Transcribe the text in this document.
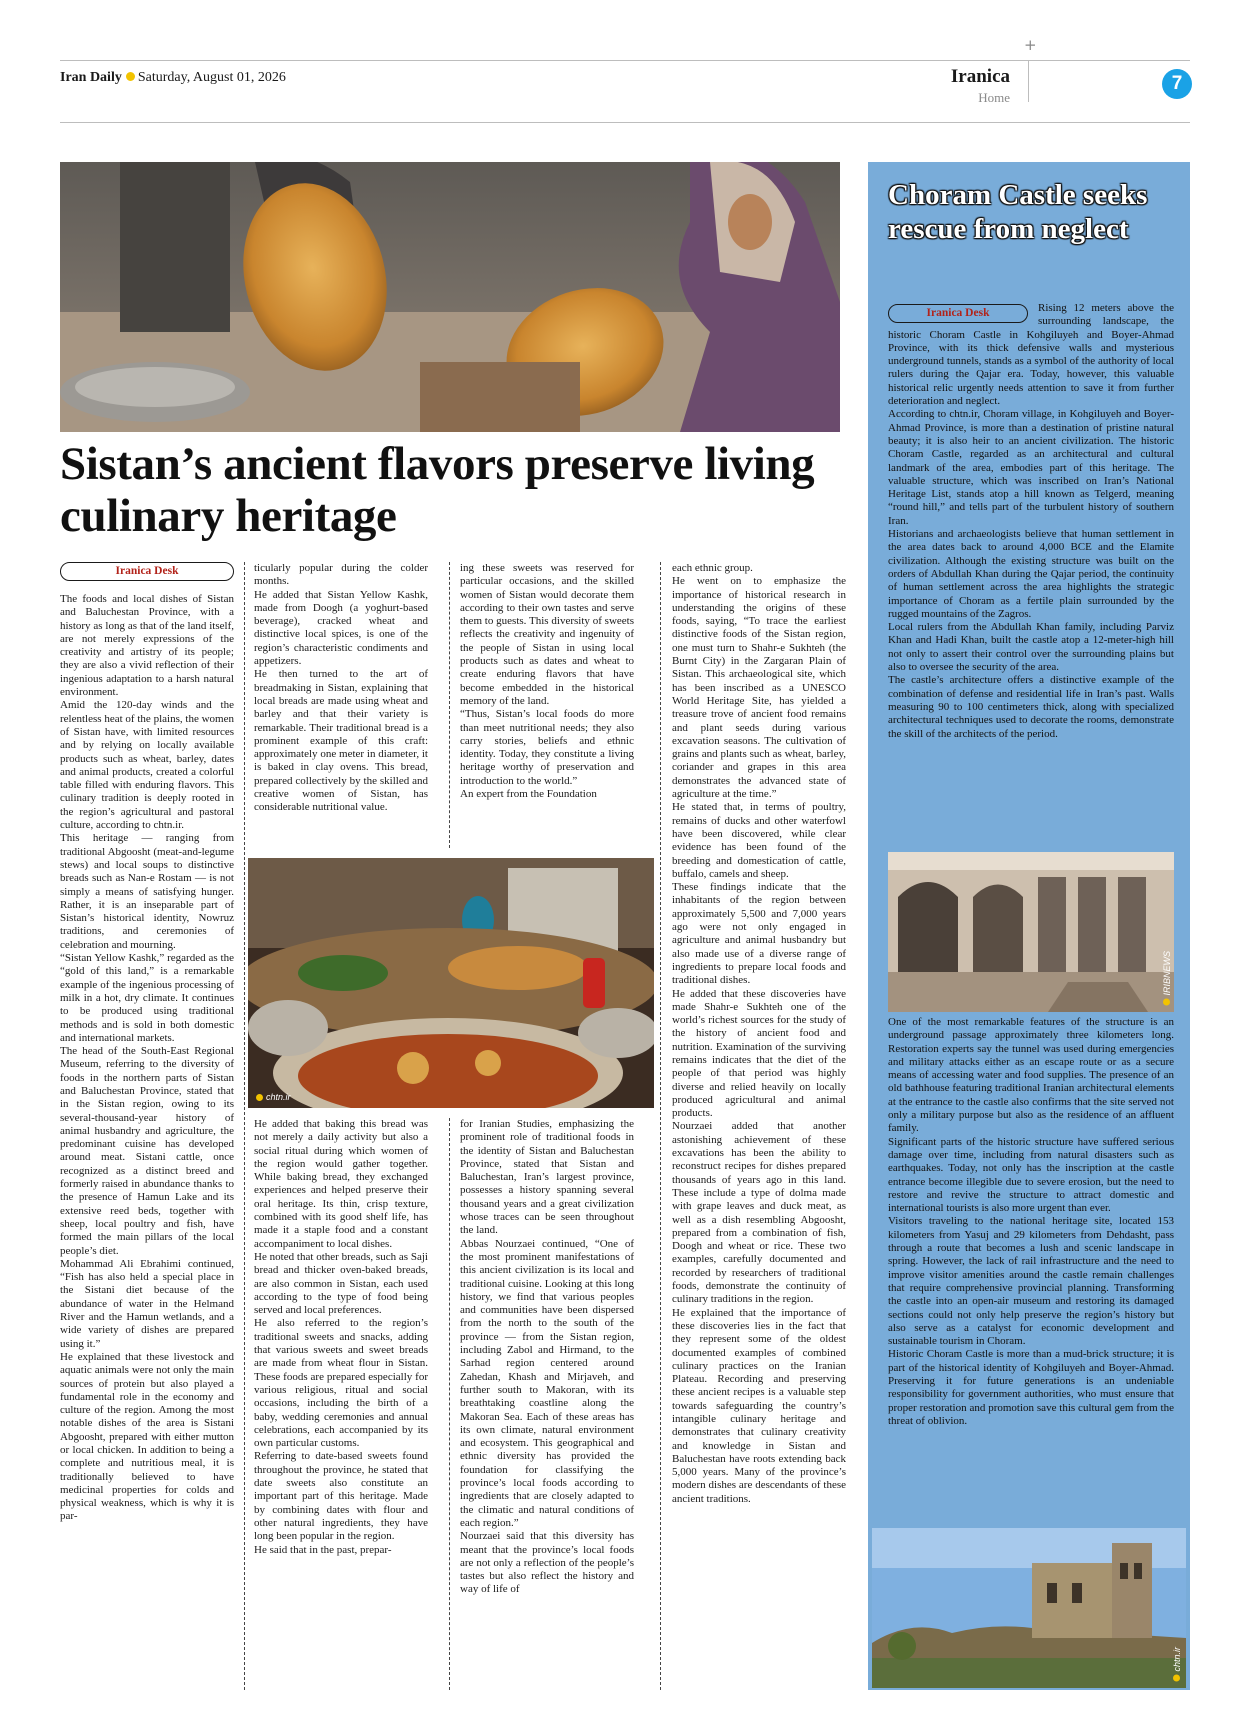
+
Iran Daily Saturday, August 01, 2026	Iranica
Home
7
Sistan’s ancient flavors preserve living culinary heritage
Iranica Desk

The foods and local dishes of Sistan and Baluchestan Province, with a history as long as that of the land itself, are not merely expressions of the creativity and artistry of its people; they are also a vivid reflection of their ingenious adaptation to a harsh natural environment.

Amid the 120-day winds and the relentless heat of the plains, the women of Sistan have, with limited resources and by relying on locally available products such as wheat, barley, dates and animal products, created a colorful table filled with enduring flavors. This culinary tradition is deeply rooted in the region’s agricultural and pastoral culture, according to chtn.ir.

This heritage — ranging from traditional Abgoosht (meat-and-legume stews) and local soups to distinctive breads such as Nan-e Rostam — is not simply a means of satisfying hunger. Rather, it is an inseparable part of Sistan’s historical identity, Nowruz traditions, and ceremonies of celebration and mourning.

“Sistan Yellow Kashk,” regarded as the “gold of this land,” is a remarkable example of the ingenious processing of milk in a hot, dry climate. It continues to be produced using traditional methods and is sold in both domestic and international markets.

The head of the South-East Regional Museum, referring to the diversity of foods in the northern parts of Sistan and Baluchestan Province, stated that in the Sistan region, owing to its several-thousand-year history of animal husbandry and agriculture, the predominant cuisine has developed around meat. Sistani cattle, once recognized as a distinct breed and formerly raised in abundance thanks to the presence of Hamun Lake and its extensive reed beds, together with sheep, local poultry and fish, have formed the main pillars of the local people’s diet.

Mohammad Ali Ebrahimi continued, “Fish has also held a special place in the Sistani diet because of the abundance of water in the Helmand River and the Hamun wetlands, and a wide variety of dishes are prepared using it.”

He explained that these livestock and aquatic animals were not only the main sources of protein but also played a fundamental role in the economy and culture of the region. Among the most notable dishes of the area is Sistani Abgoosht, prepared with either mutton or local chicken. In addition to being a complete and nutritious meal, it is traditionally believed to have medicinal properties for colds and physical weakness, which is why it is par-

ticularly popular during the colder months.

He added that Sistan Yellow Kashk, made from Doogh (a yoghurt-based beverage), cracked wheat and distinctive local spices, is one of the region’s characteristic condiments and appetizers.

He then turned to the art of breadmaking in Sistan, explaining that local breads are made using wheat and barley and that their variety is remarkable. Their traditional bread is a prominent example of this craft: approximately one meter in diameter, it is baked in clay ovens. This bread, prepared collectively by the skilled and creative women of Sistan, has considerable nutritional value.

ing these sweets was reserved for particular occasions, and the skilled women of Sistan would decorate them according to their own tastes and serve them to guests. This diversity of sweets reflects the creativity and ingenuity of the people of Sistan in using local products such as dates and wheat to create enduring flavors that have become embedded in the historical memory of the land.

“Thus, Sistan’s local foods do more than meet nutritional needs; they also carry stories, beliefs and ethnic identity. Today, they constitute a living heritage worthy of preservation and introduction to the world.”

An expert from the Foundation

chtn.ir

He added that baking this bread was not merely a daily activity but also a social ritual during which women of the region would gather together. While baking bread, they exchanged experiences and helped preserve their oral heritage. Its thin, crisp texture, combined with its good shelf life, has made it a staple food and a constant accompaniment to local dishes.

He noted that other breads, such as Saji bread and thicker oven-baked breads, are also common in Sistan, each used according to the type of food being served and local preferences.

He also referred to the region’s traditional sweets and snacks, adding that various sweets and sweet breads are made from wheat flour in Sistan. These foods are prepared especially for various religious, ritual and social occasions, including the birth of a baby, wedding ceremonies and annual celebrations, each accompanied by its own particular customs.

Referring to date-based sweets found throughout the province, he stated that date sweets also constitute an important part of this heritage. Made by combining dates with flour and other natural ingredients, they have long been popular in the region.

He said that in the past, prepar-

for Iranian Studies, emphasizing the prominent role of traditional foods in the identity of Sistan and Baluchestan Province, stated that Sistan and Baluchestan, Iran’s largest province, possesses a history spanning several thousand years and a great civilization whose traces can be seen throughout the land.

Abbas Nourzaei continued, “One of the most prominent manifestations of this ancient civilization is its local and traditional cuisine. Looking at this long history, we find that various peoples and communities have been dispersed from the north to the south of the province — from the Sistan region, including Zabol and Hirmand, to the Sarhad region centered around Zahedan, Khash and Mirjaveh, and further south to Makoran, with its breathtaking coastline along the Makoran Sea. Each of these areas has its own climate, natural environment and ecosystem. This geographical and ethnic diversity has provided the foundation for classifying the province’s local foods according to ingredients that are closely adapted to the climatic and natural conditions of each region.”

Nourzaei said that this diversity has meant that the province’s local foods are not only a reflection of the people’s tastes but also reflect the history and way of life of

each ethnic group.

He went on to emphasize the importance of historical research in understanding the origins of these foods, saying, “To trace the earliest distinctive foods of the Sistan region, one must turn to Shahr-e Sukhteh (the Burnt City) in the Zargaran Plain of Sistan. This archaeological site, which has been inscribed as a UNESCO World Heritage Site, has yielded a treasure trove of ancient food remains and plant seeds during various excavation seasons. The cultivation of grains and plants such as wheat, barley, coriander and grapes in this area demonstrates the advanced state of agriculture at the time.”

He stated that, in terms of poultry, remains of ducks and other waterfowl have been discovered, while clear evidence has been found of the breeding and domestication of cattle, buffalo, camels and sheep.

These findings indicate that the inhabitants of the region between approximately 5,500 and 7,000 years ago were not only engaged in agriculture and animal husbandry but also made use of a diverse range of ingredients to prepare local foods and traditional dishes.

He added that these discoveries have made Shahr-e Sukhteh one of the world’s richest sources for the study of the history of ancient food and nutrition. Examination of the surviving remains indicates that the diet of the people of that period was highly diverse and relied heavily on locally produced agricultural and animal products.

Nourzaei added that another astonishing achievement of these excavations has been the ability to reconstruct recipes for dishes prepared thousands of years ago in this land. These include a type of dolma made with grape leaves and duck meat, as well as a dish resembling Abgoosht, prepared from a combination of fish, Doogh and wheat or rice. These two examples, carefully documented and recorded by researchers of traditional foods, demonstrate the continuity of culinary traditions in the region.

He explained that the importance of these discoveries lies in the fact that they represent some of the oldest documented examples of combined culinary practices on the Iranian Plateau. Recording and preserving these ancient recipes is a valuable step towards safeguarding the country’s intangible culinary heritage and demonstrates that culinary creativity and knowledge in Sistan and Baluchestan have roots extending back 5,000 years. Many of the province’s modern dishes are descendants of these ancient traditions.

Choram Castle seeks rescue from neglect
Iranica Desk	Rising 12 meters above the surrounding landscape, the historic Choram Castle in Kohgiluyeh and Boyer-Ahmad Province, with its thick defensive walls and mysterious underground tunnels, stands as a symbol of the authority of local rulers during the Qajar era. Today, however, this valuable historical relic urgently needs attention to save it from further deterioration and neglect.

According to chtn.ir, Choram village, in Kohgiluyeh and Boyer-Ahmad Province, is more than a destination of pristine natural beauty; it is also heir to an ancient civilization. The historic Choram Castle, regarded as an architectural and cultural landmark of the area, embodies part of this heritage. The valuable structure, which was inscribed on Iran’s National Heritage List, stands atop a hill known as Telgerd, meaning “round hill,” and tells part of the turbulent history of southern Iran.

Historians and archaeologists believe that human settlement in the area dates back to around 4,000 BCE and the Elamite civilization. Although the existing structure was built on the orders of Abdullah Khan during the Qajar period, the continuity of human settlement across the area highlights the strategic importance of Choram as a fertile plain surrounded by the rugged mountains of the Zagros.

Local rulers from the Abdullah Khan family, including Parviz Khan and Hadi Khan, built the castle atop a 12-meter-high hill not only to assert their control over the surrounding plains but also to oversee the security of the area.

The castle’s architecture offers a distinctive example of the combination of defense and residential life in Iran’s past. Walls measuring 90 to 100 centimeters thick, along with specialized architectural techniques used to decorate the rooms, demonstrate the skill of the architects of the period.

IRIBNEWS

One of the most remarkable features of the structure is an underground passage approximately three kilometers long. Restoration experts say the tunnel was used during emergencies and military attacks either as an escape route or as a secure means of accessing water and food supplies. The presence of an old bathhouse featuring traditional Iranian architectural elements at the entrance to the castle also confirms that the site served not only a military purpose but also as the residence of an affluent family.

Significant parts of the historic structure have suffered serious damage over time, including from natural disasters such as earthquakes. Today, not only has the inscription at the castle entrance become illegible due to severe erosion, but the need to restore and revive the structure to attract domestic and international tourists is also more urgent than ever.

Visitors traveling to the national heritage site, located 153 kilometers from Yasuj and 29 kilometers from Dehdasht, pass through a route that becomes a lush and scenic landscape in spring. However, the lack of rail infrastructure and the need to improve visitor amenities around the castle remain challenges that require comprehensive provincial planning. Transforming the castle into an open-air museum and restoring its damaged sections could not only help preserve the region’s history but also serve as a catalyst for economic development and sustainable tourism in Choram.

Historic Choram Castle is more than a mud-brick structure; it is part of the historical identity of Kohgiluyeh and Boyer-Ahmad. Preserving it for future generations is an undeniable responsibility for government authorities, who must ensure that proper restoration and promotion save this cultural gem from the threat of oblivion.

chtn.ir
